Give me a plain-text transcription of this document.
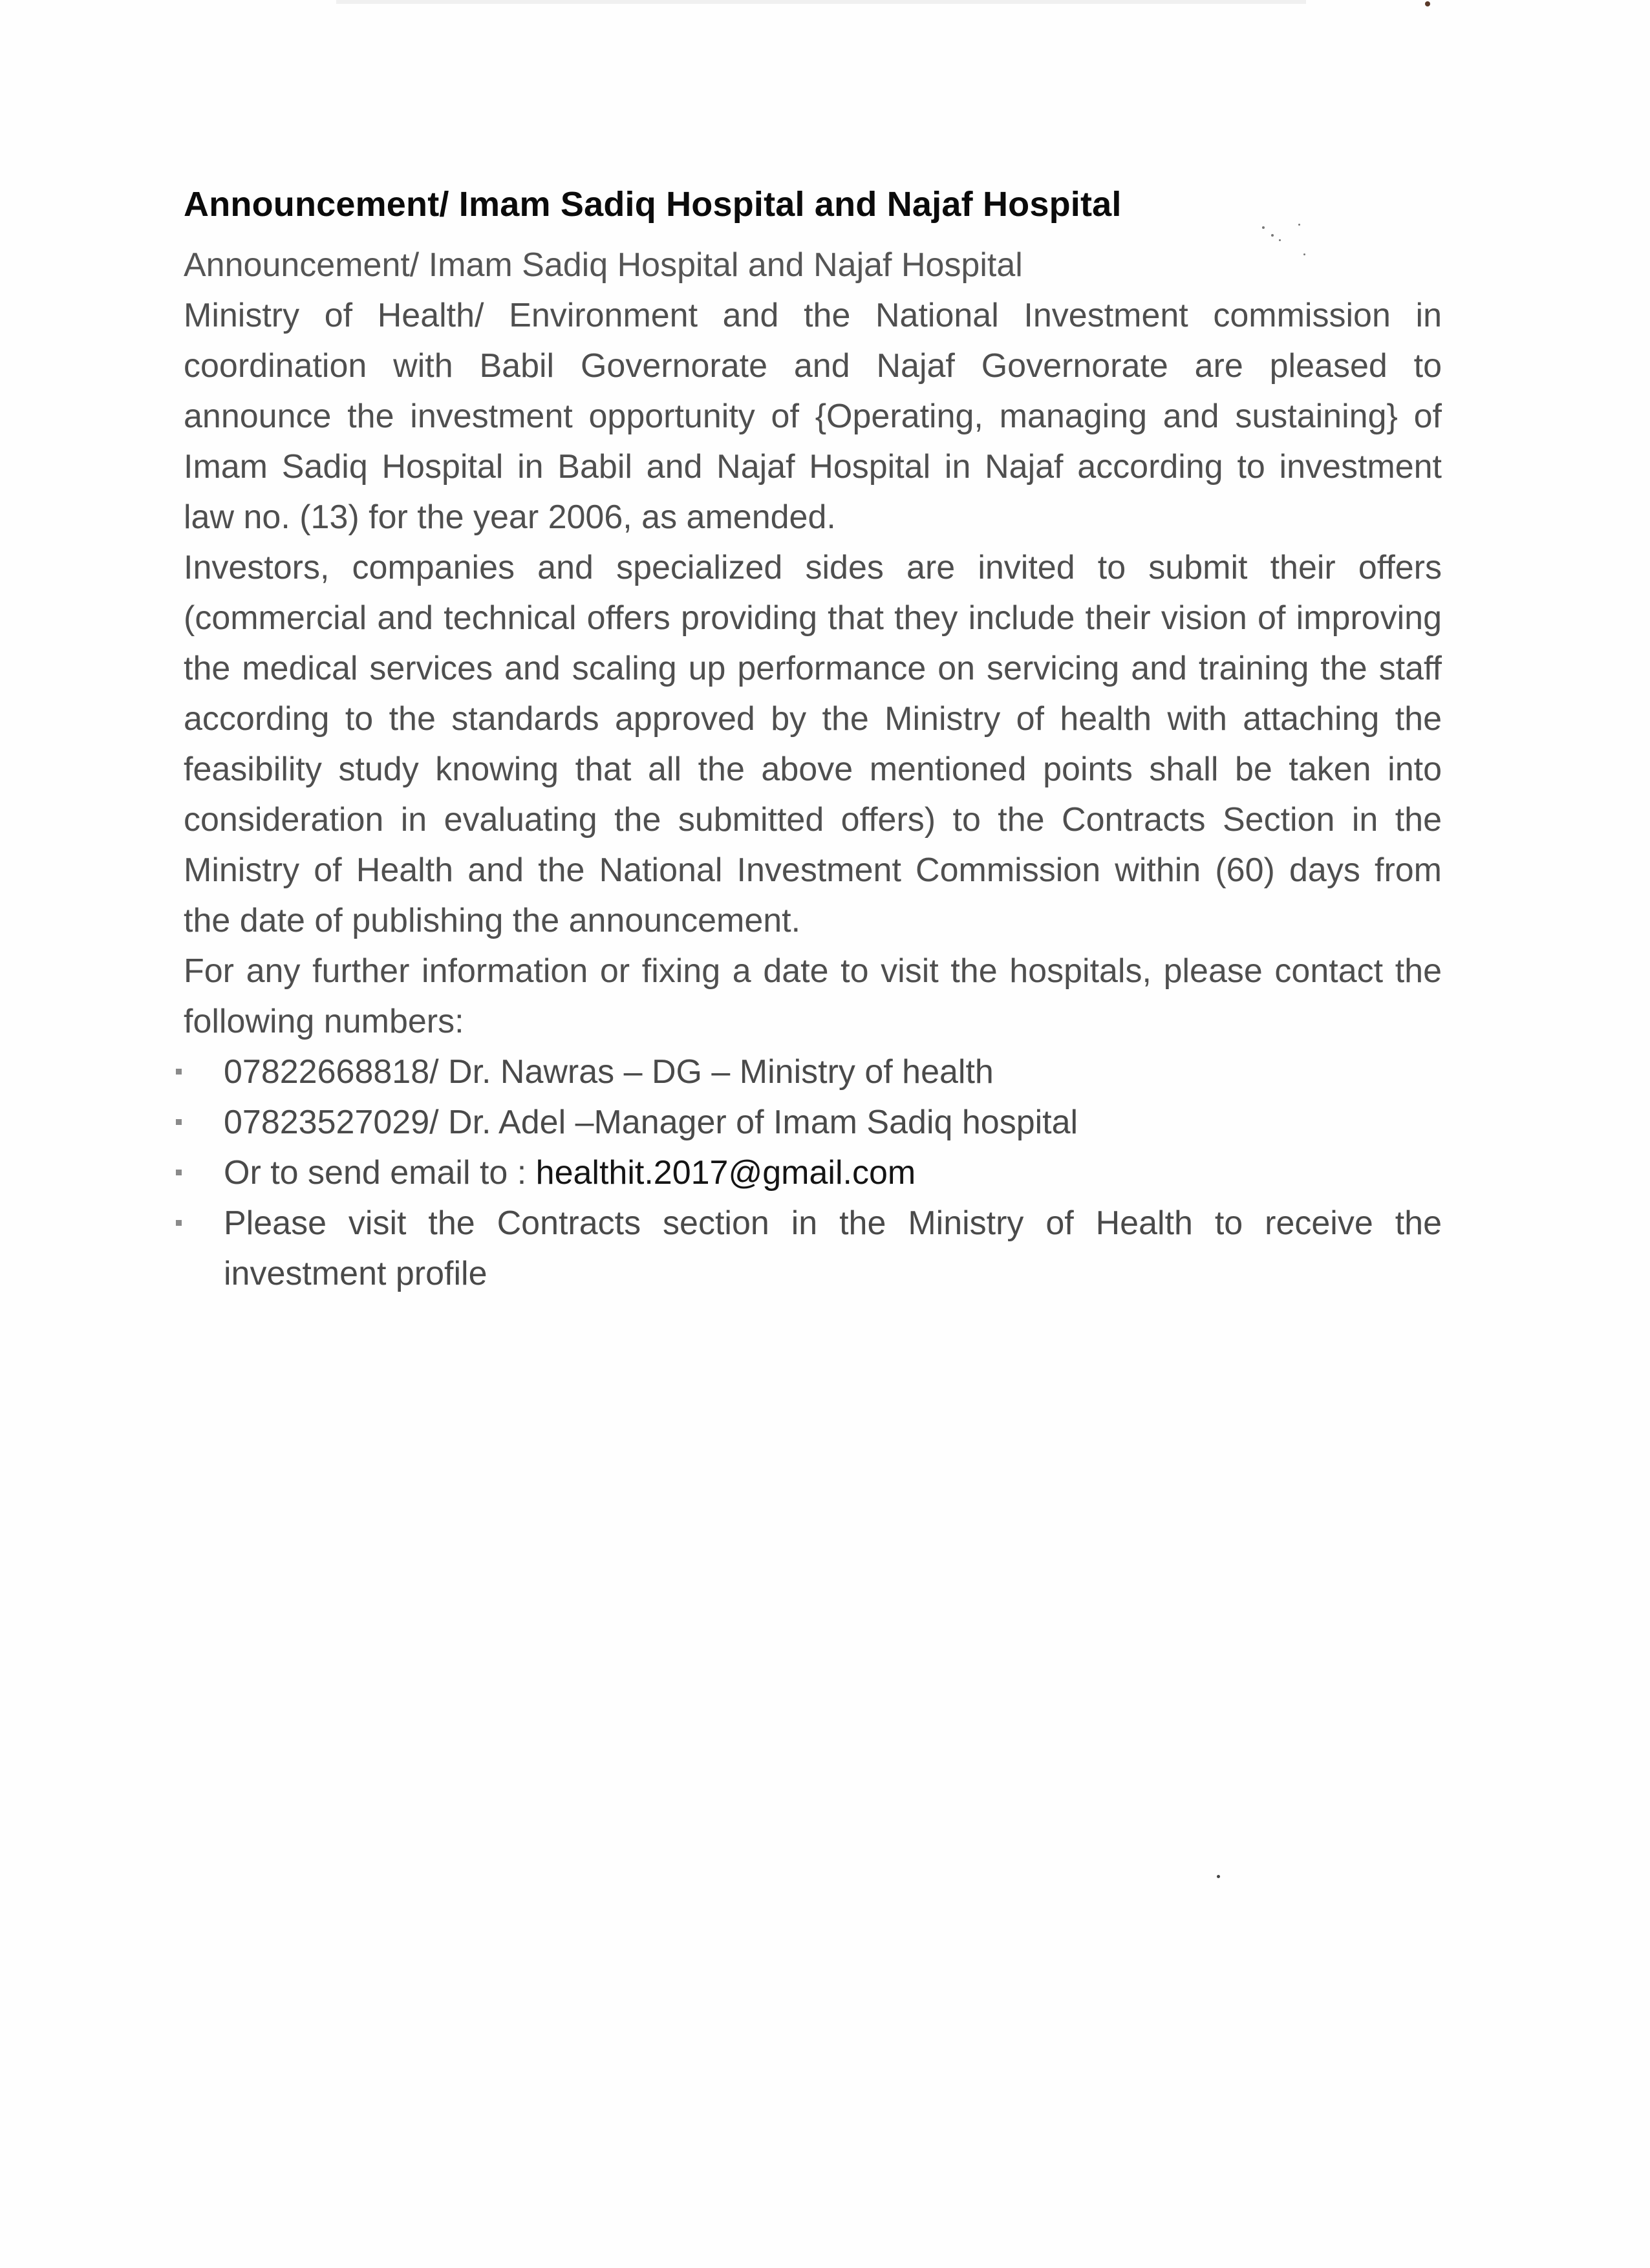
Announcement/ Imam Sadiq Hospital and Najaf Hospital

Announcement/ Imam Sadiq Hospital and Najaf Hospital

Ministry of Health/ Environment and the National Investment commission in coordination with Babil Governorate and Najaf Governorate are pleased to announce the investment opportunity of {Operating, managing and sustaining} of Imam Sadiq Hospital in Babil and Najaf Hospital in Najaf according to investment law no. (13) for the year 2006, as amended.

Investors, companies and specialized sides are invited to submit their offers (commercial and technical offers providing that they include their vision of improving the medical services and scaling up performance on servicing and training the staff according to the standards approved by the Ministry of health with attaching the feasibility study knowing that all the above mentioned points shall be taken into consideration in evaluating the submitted offers) to the Contracts Section in the Ministry of Health and the National Investment Commission within (60) days from the date of publishing the announcement.

For any further information or fixing a date to visit the hospitals, please contact the following numbers:

07822668818/ Dr. Nawras – DG – Ministry of health
07823527029/ Dr. Adel –Manager of Imam Sadiq hospital
Or to send email to : healthit.2017@gmail.com
Please visit the Contracts section in the Ministry of Health to receive the investment profile
